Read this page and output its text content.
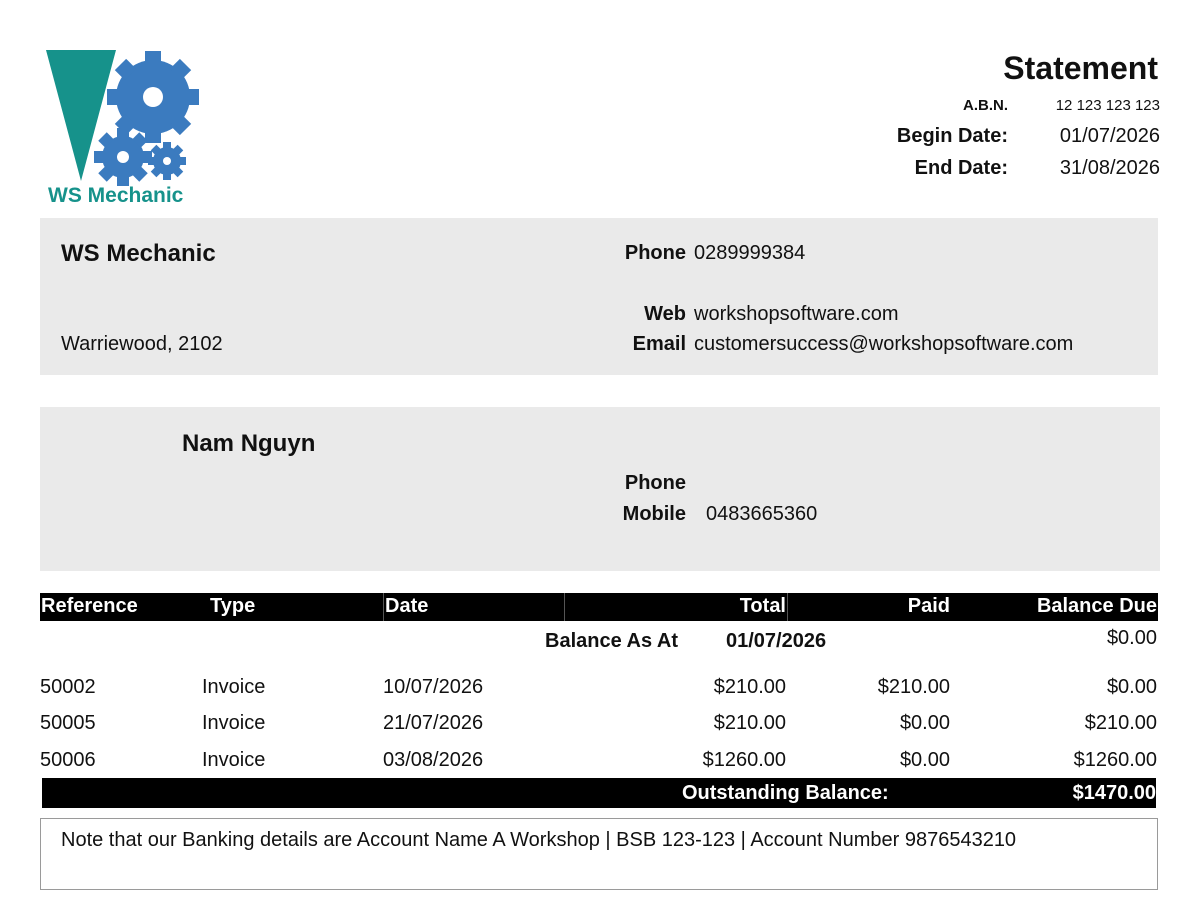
WS Mechanic
Statement
A.B.N.	12 123 123 123
Begin Date:	01/07/2026
End Date:	31/08/2026
WS Mechanic
Warriewood, 2102
Phone 0289999384
Web workshopsoftware.com
Email customersuccess@workshopsoftware.com
Nam Nguyn
Phone
Mobile 0483665360
Reference	Type	Date	Total	Paid	Balance Due
Balance As At 01/07/2026	$0.00
50002	Invoice	10/07/2026	$210.00	$210.00	$0.00
50005	Invoice	21/07/2026	$210.00	$0.00	$210.00
50006	Invoice	03/08/2026	$1260.00	$0.00	$1260.00
Outstanding Balance:	$1470.00
Note that our Banking details are Account Name A Workshop | BSB 123-123 | Account Number 9876543210
